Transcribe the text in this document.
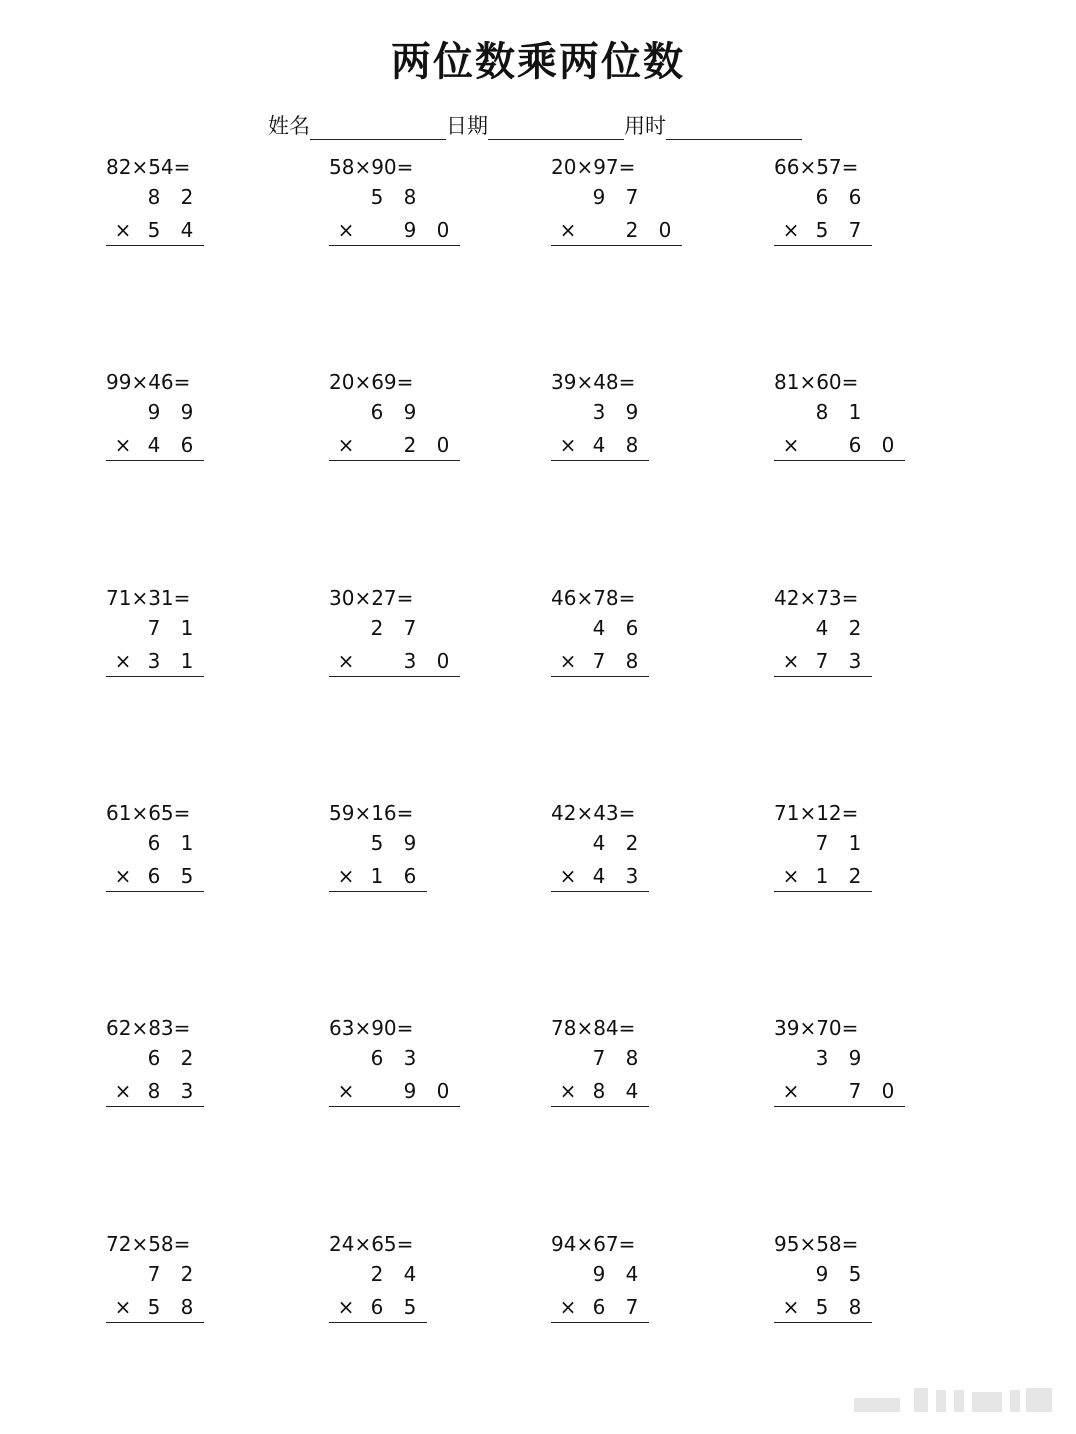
两位数乘两位数
姓名	日期	用时
82×54=
8 2
5 4
×
58×90=
5 8
9 0
×
20×97=
9 7
2 0
×
66×57=
6 6
5 7
×
99×46=
9 9
4 6
×
20×69=
6 9
2 0
×
39×48=
3 9
4 8
×
81×60=
8 1
6 0
×
71×31=
7 1
3 1
×
30×27=
2 7
3 0
×
46×78=
4 6
7 8
×
42×73=
4 2
7 3
×
61×65=
6 1
6 5
×
59×16=
5 9
1 6
×
42×43=
4 2
4 3
×
71×12=
7 1
1 2
×
62×83=
6 2
8 3
×
63×90=
6 3
9 0
×
78×84=
7 8
8 4
×
39×70=
3 9
7 0
×
72×58=
7 2
5 8
×
24×65=
2 4
6 5
×
94×67=
9 4
6 7
×
95×58=
9 5
5 8
×
